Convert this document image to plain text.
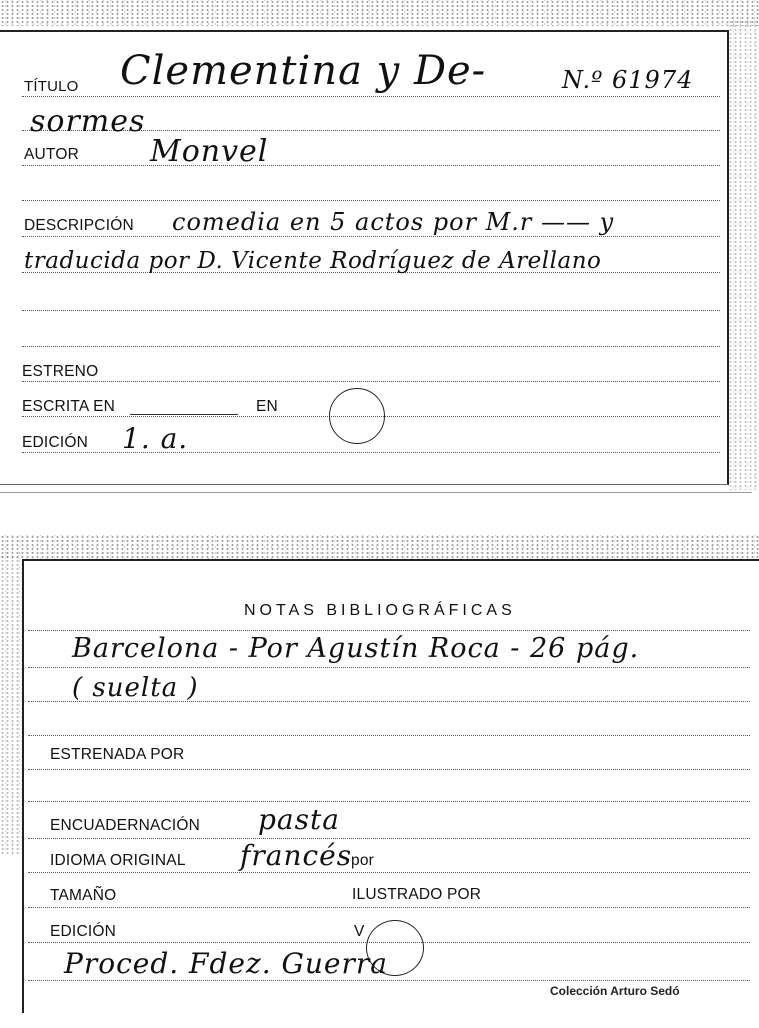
TÍTULO Clementina y De-	N.º 61974
sormes
AUTOR Monvel
DESCRIPCIÓN comedia en 5 actos por M.r —— y
traducida por D. Vicente Rodríguez de Arellano
ESTRENO
ESCRITA EN	EN
EDICIÓN 1. a.
NOTAS BIBLIOGRÁFICAS
Barcelona - Por Agustín Roca - 26 pág.
( suelta )
ESTRENADA POR
ENCUADERNACIÓN pasta
IDIOMA ORIGINAL francés
por
TAMAÑO	ILUSTRADO POR
EDICIÓN	V
Proced. Fdez. Guerra
Colección Arturo Sedó
